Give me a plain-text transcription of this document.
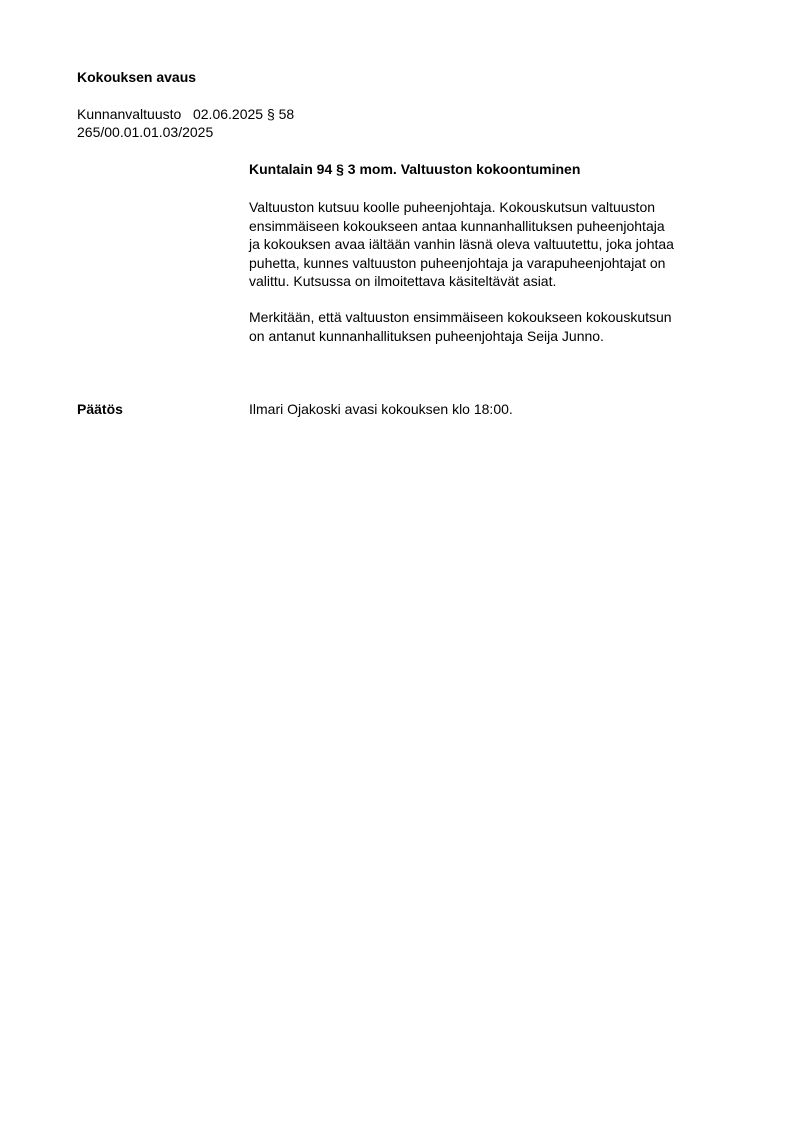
Kokouksen avaus
Kunnanvaltuusto 02.06.2025 § 58
265/00.01.01.03/2025
Kuntalain 94 § 3 mom. Valtuuston kokoontuminen
Valtuuston kutsuu koolle puheenjohtaja. Kokouskutsun valtuuston
ensimmäiseen kokoukseen antaa kunnanhallituksen puheenjohtaja
ja kokouksen avaa iältään vanhin läsnä oleva valtuutettu, joka johtaa
puhetta, kunnes valtuuston puheenjohtaja ja varapuheenjohtajat on
valittu. Kutsussa on ilmoitettava käsiteltävät asiat.
Merkitään, että valtuuston ensimmäiseen kokoukseen kokouskutsun
on antanut kunnanhallituksen puheenjohtaja Seija Junno.
Päätös	Ilmari Ojakoski avasi kokouksen klo 18:00.
